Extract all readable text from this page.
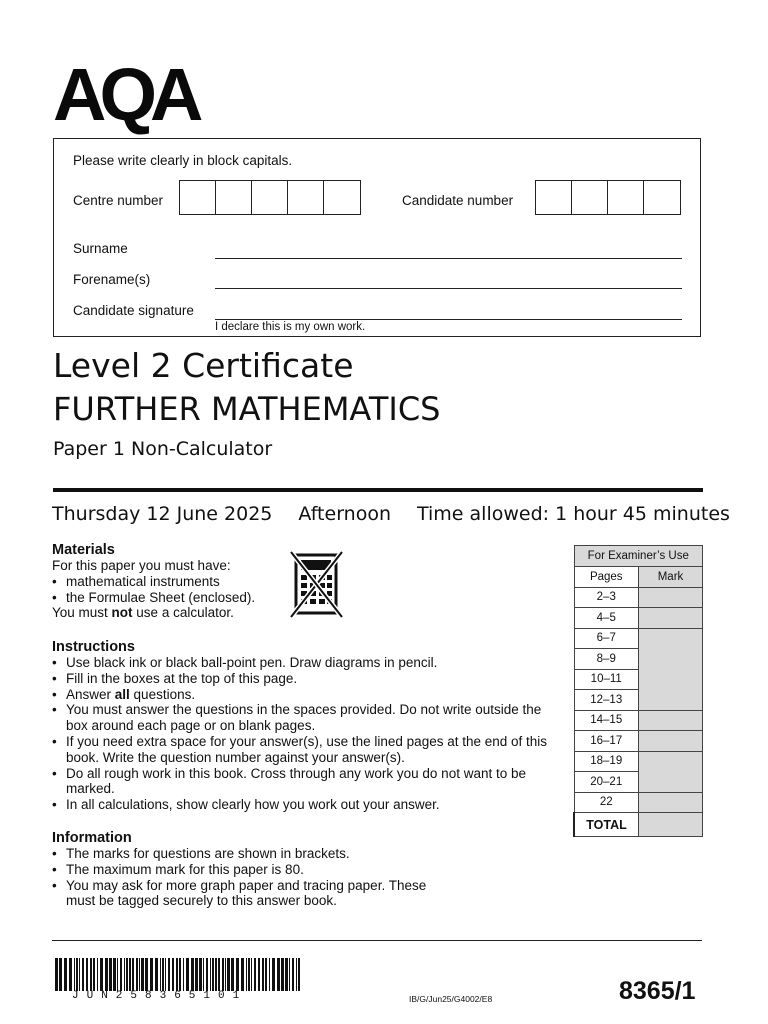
AQA
Please write clearly in block capitals.
Centre number	Candidate number
Surname
Forename(s)
Candidate signature
I declare this is my own work.
Level 2 Certificate
FURTHER MATHEMATICS
Paper 1 Non-Calculator
Thursday 12 June 2025 Afternoon Time allowed: 1 hour 45 minutes
Materials
For this paper you must have:
• mathematical instruments
• the Formulae Sheet (enclosed).
You must not use a calculator.
Instructions
• Use black ink or black ball-point pen. Draw diagrams in pencil.
• Fill in the boxes at the top of this page.
• Answer all questions.
• You must answer the questions in the spaces provided. Do not write outside the box around each page or on blank pages.
• If you need extra space for your answer(s), use the lined pages at the end of this book. Write the question number against your answer(s).
• Do all rough work in this book. Cross through any work you do not want to be marked.
• In all calculations, show clearly how you work out your answer.
Information
• The marks for questions are shown in brackets.
• The maximum mark for this paper is 80.
• You may ask for more graph paper and tracing paper. These must be tagged securely to this answer book.
For Examiner’s Use	
Pages	Mark
2–3	
4–5	
6–7	
8–9	
10–11	
12–13	
14–15	
16–17	
18–19	
20–21	
22	
TOTAL	
JUN258365101	IB/G/Jun25/G4002/E8	8365/1
